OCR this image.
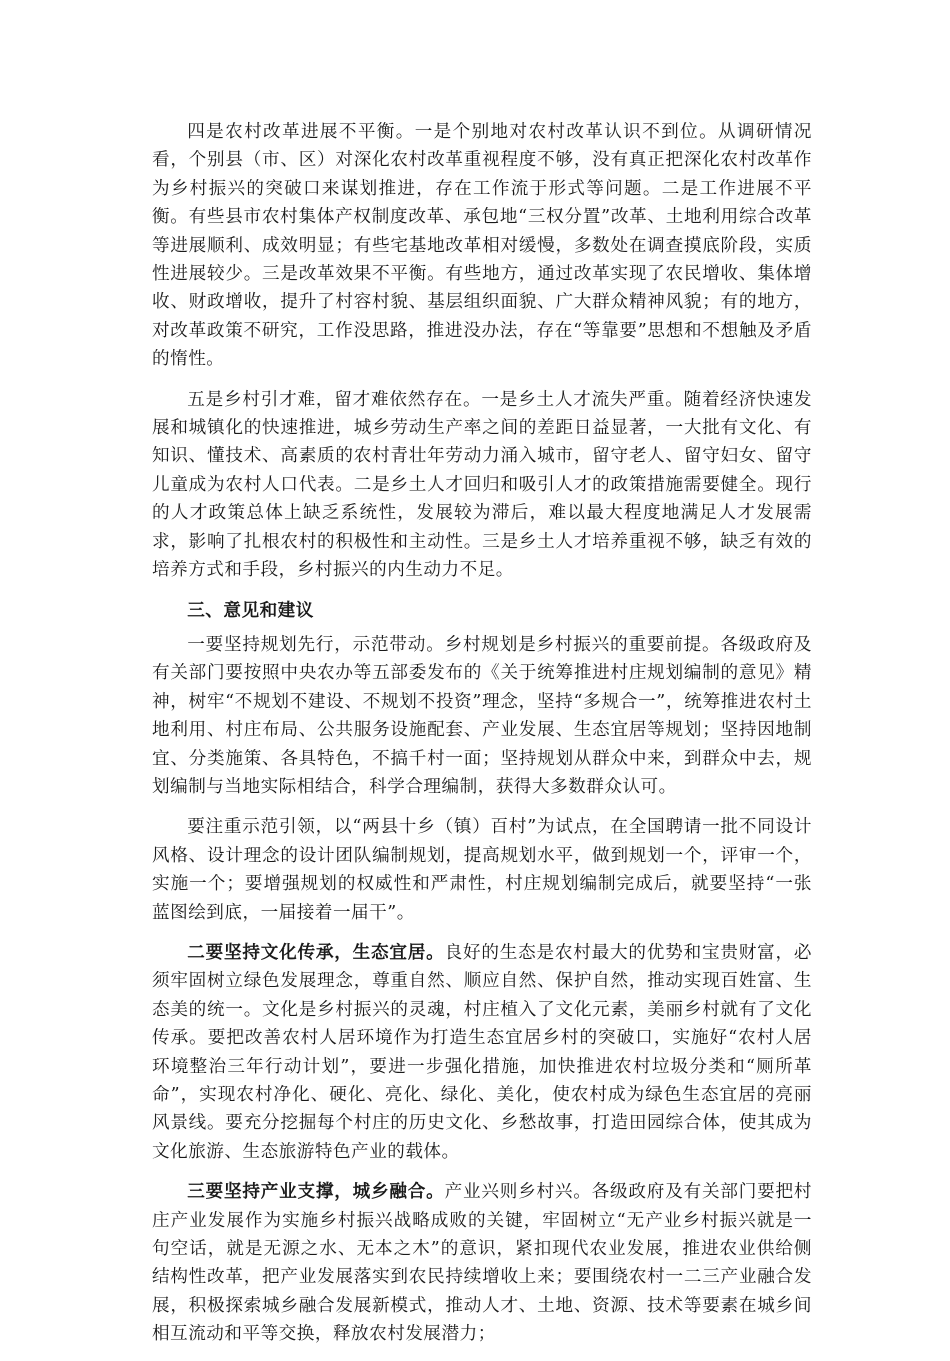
四是农村改革进展不平衡。一是个别地对农村改革认识不到位。从调研情况看，个别县（市、区）对深化农村改革重视程度不够，没有真正把深化农村改革作为乡村振兴的突破口来谋划推进，存在工作流于形式等问题。二是工作进展不平衡。有些县市农村集体产权制度改革、承包地“三权分置”改革、土地利用综合改革等进展顺利、成效明显；有些宅基地改革相对缓慢，多数处在调查摸底阶段，实质性进展较少。三是改革效果不平衡。有些地方，通过改革实现了农民增收、集体增收、财政增收，提升了村容村貌、基层组织面貌、广大群众精神风貌；有的地方，对改革政策不研究，工作没思路，推进没办法，存在“等靠要”思想和不想触及矛盾的惰性。

五是乡村引才难，留才难依然存在。一是乡土人才流失严重。随着经济快速发展和城镇化的快速推进，城乡劳动生产率之间的差距日益显著，一大批有文化、有知识、懂技术、高素质的农村青壮年劳动力涌入城市，留守老人、留守妇女、留守儿童成为农村人口代表。二是乡土人才回归和吸引人才的政策措施需要健全。现行的人才政策总体上缺乏系统性，发展较为滞后，难以最大程度地满足人才发展需求，影响了扎根农村的积极性和主动性。三是乡土人才培养重视不够，缺乏有效的培养方式和手段，乡村振兴的内生动力不足。

三、意见和建议

一要坚持规划先行，示范带动。乡村规划是乡村振兴的重要前提。各级政府及有关部门要按照中央农办等五部委发布的《关于统筹推进村庄规划编制的意见》精神，树牢“不规划不建设、不规划不投资”理念，坚持“多规合一”，统筹推进农村土地利用、村庄布局、公共服务设施配套、产业发展、生态宜居等规划；坚持因地制宜、分类施策、各具特色，不搞千村一面；坚持规划从群众中来，到群众中去，规划编制与当地实际相结合，科学合理编制，获得大多数群众认可。

要注重示范引领，以“两县十乡（镇）百村”为试点，在全国聘请一批不同设计风格、设计理念的设计团队编制规划，提高规划水平，做到规划一个，评审一个，实施一个；要增强规划的权威性和严肃性，村庄规划编制完成后，就要坚持“一张蓝图绘到底，一届接着一届干”。

二要坚持文化传承，生态宜居。良好的生态是农村最大的优势和宝贵财富，必须牢固树立绿色发展理念，尊重自然、顺应自然、保护自然，推动实现百姓富、生态美的统一。文化是乡村振兴的灵魂，村庄植入了文化元素，美丽乡村就有了文化传承。要把改善农村人居环境作为打造生态宜居乡村的突破口，实施好“农村人居环境整治三年行动计划”，要进一步强化措施，加快推进农村垃圾分类和“厕所革命”，实现农村净化、硬化、亮化、绿化、美化，使农村成为绿色生态宜居的亮丽风景线。要充分挖掘每个村庄的历史文化、乡愁故事，打造田园综合体，使其成为文化旅游、生态旅游特色产业的载体。

三要坚持产业支撑，城乡融合。产业兴则乡村兴。各级政府及有关部门要把村庄产业发展作为实施乡村振兴战略成败的关键，牢固树立“无产业乡村振兴就是一句空话，就是无源之水、无本之木”的意识，紧扣现代农业发展，推进农业供给侧结构性改革，把产业发展落实到农民持续增收上来；要围绕农村一二三产业融合发展，积极探索城乡融合发展新模式，推动人才、土地、资源、技术等要素在城乡间相互流动和平等交换，释放农村发展潜力；
